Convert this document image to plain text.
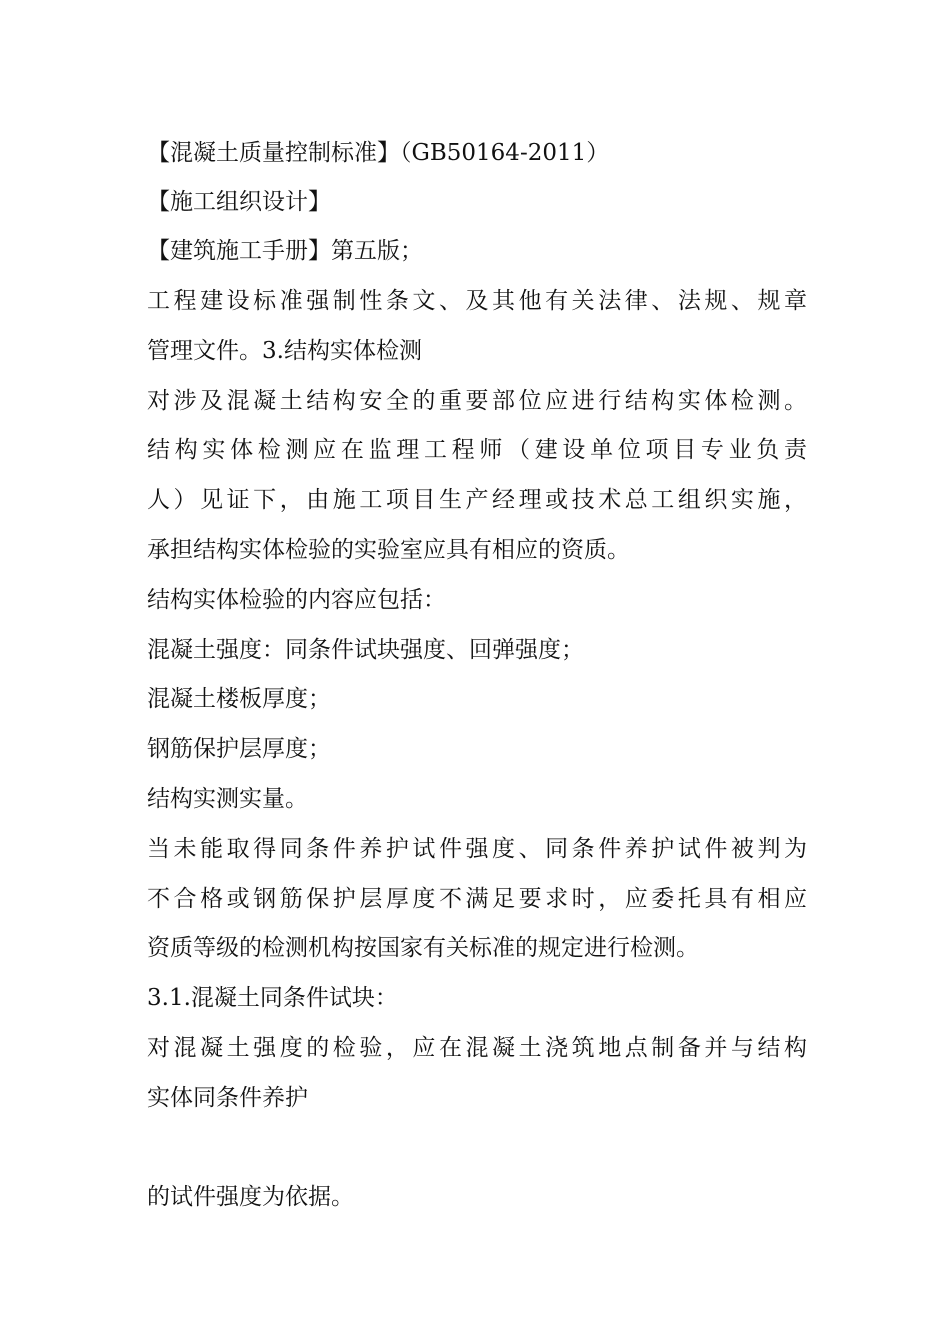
【混凝土质量控制标准】（GB50164-2011）
【施工组织设计】
【建筑施工手册】第五版；
工程建设标准强制性条文、及其他有关法律、法规、规章
管理文件。3.结构实体检测
对涉及混凝土结构安全的重要部位应进行结构实体检测。
结构实体检测应在监理工程师（建设单位项目专业负责
人）见证下，由施工项目生产经理或技术总工组织实施，
承担结构实体检验的实验室应具有相应的资质。
结构实体检验的内容应包括：
混凝土强度：同条件试块强度、回弹强度；
混凝土楼板厚度；
钢筋保护层厚度；
结构实测实量。
当未能取得同条件养护试件强度、同条件养护试件被判为
不合格或钢筋保护层厚度不满足要求时，应委托具有相应
资质等级的检测机构按国家有关标准的规定进行检测。
3.1.混凝土同条件试块：
对混凝土强度的检验，应在混凝土浇筑地点制备并与结构
实体同条件养护
的试件强度为依据。
